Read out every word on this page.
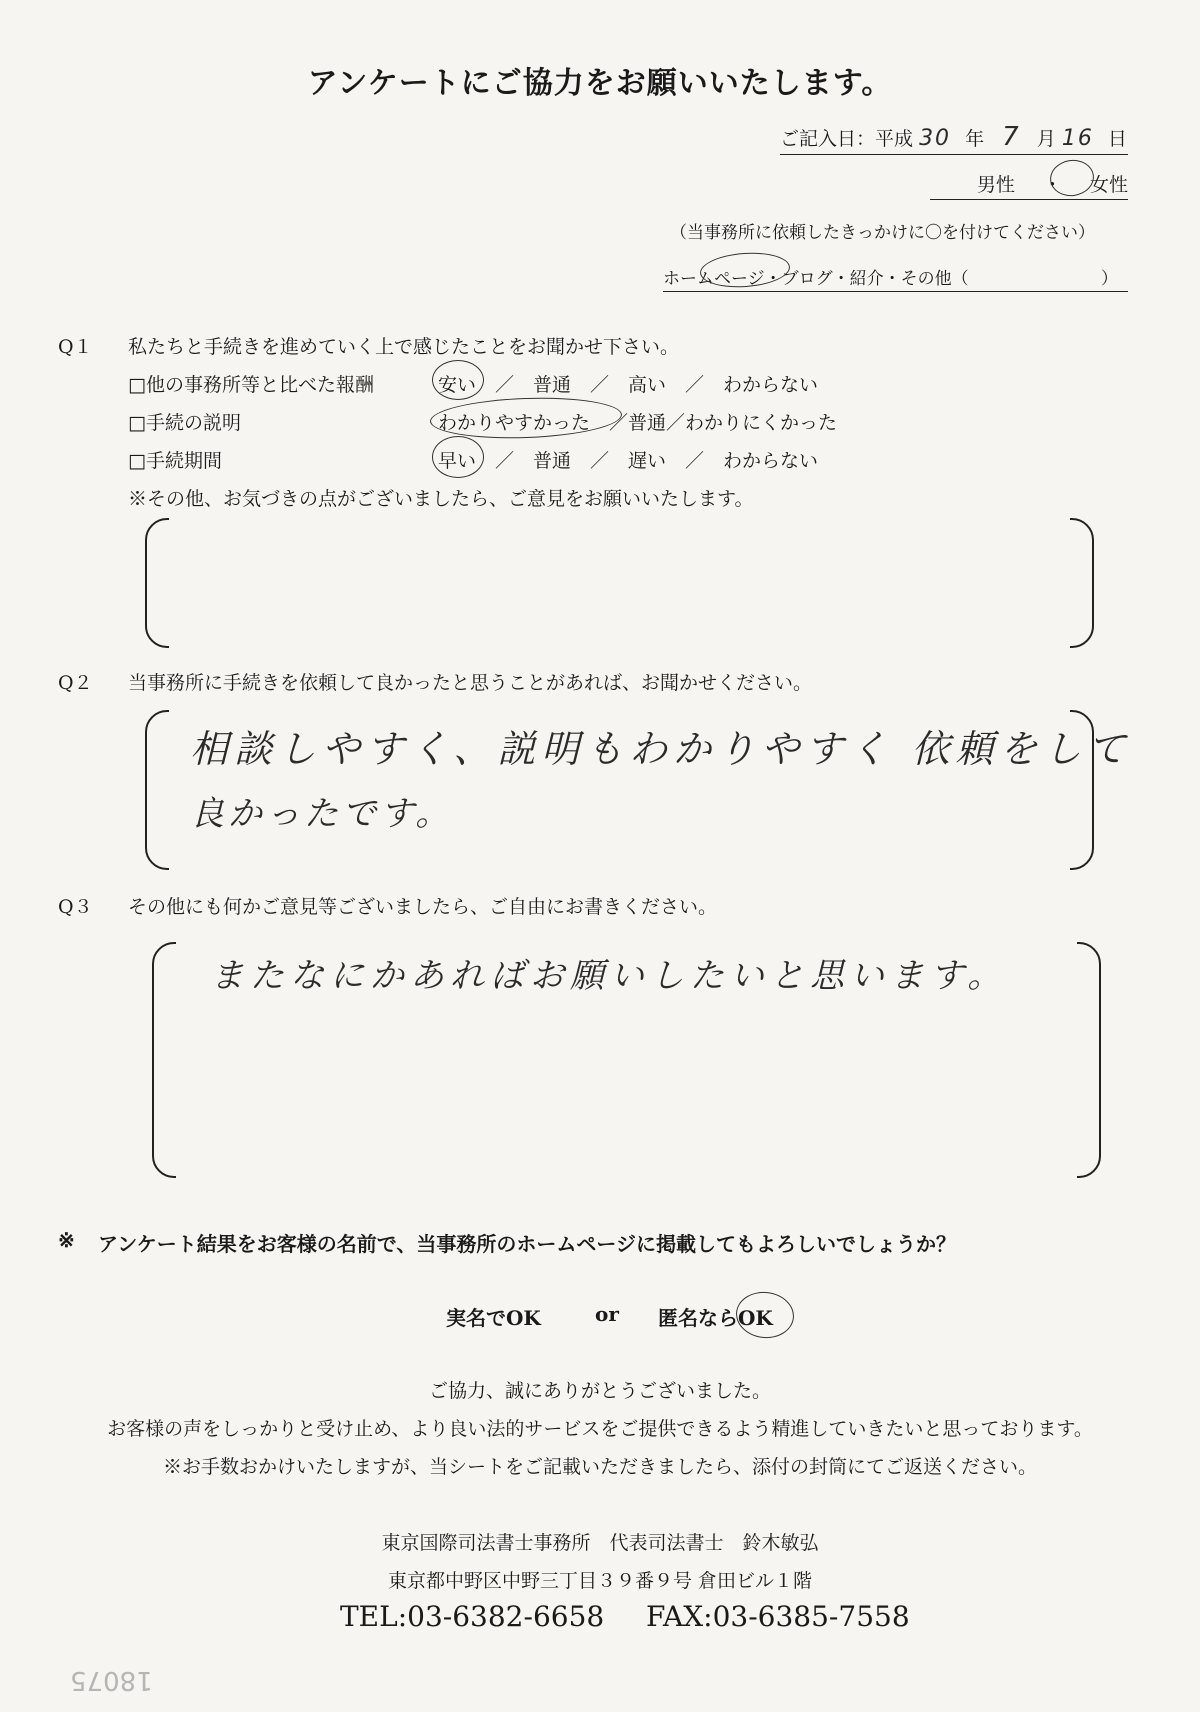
アンケートにご協力をお願いいたします。
ご記入日：平成 30 年 7 月 16 日
男性 ・ 女性
（当事務所に依頼したきっかけに〇を付けてください）
ホームページ・ブログ・紹介・その他（	）
Q１ 私たちと手続きを進めていく上で感じたことをお聞かせ下さい。
□他の事務所等と比べた報酬	安い　／　普通　／　高い　／　わからない
□手続の説明	わかりやすかった　／普通／わかりにくかった
□手続期間	早い　／　普通　／　遅い　／　わからない
※その他、お気づきの点がございましたら、ご意見をお願いいたします。
Q２ 当事務所に手続きを依頼して良かったと思うことがあれば、お聞かせください。
相談しやすく、説明もわかりやすく 依頼をして
良かったです。
Q３ その他にも何かご意見等ございましたら、ご自由にお書きください。
またなにかあればお願いしたいと思います。
※ アンケート結果をお客様の名前で、当事務所のホームページに掲載してもよろしいでしょうか？
実名でOK	or 匿名ならOK
ご協力、誠にありがとうございました。
お客様の声をしっかりと受け止め、より良い法的サービスをご提供できるよう精進していきたいと思っております。
※お手数おかけいたしますが、当シートをご記載いただきましたら、添付の封筒にてご返送ください。
東京国際司法書士事務所　代表司法書士　鈴木敏弘
東京都中野区中野三丁目３９番９号 倉田ビル１階
TEL:03-6382-6658 FAX:03-6385-7558
18075
